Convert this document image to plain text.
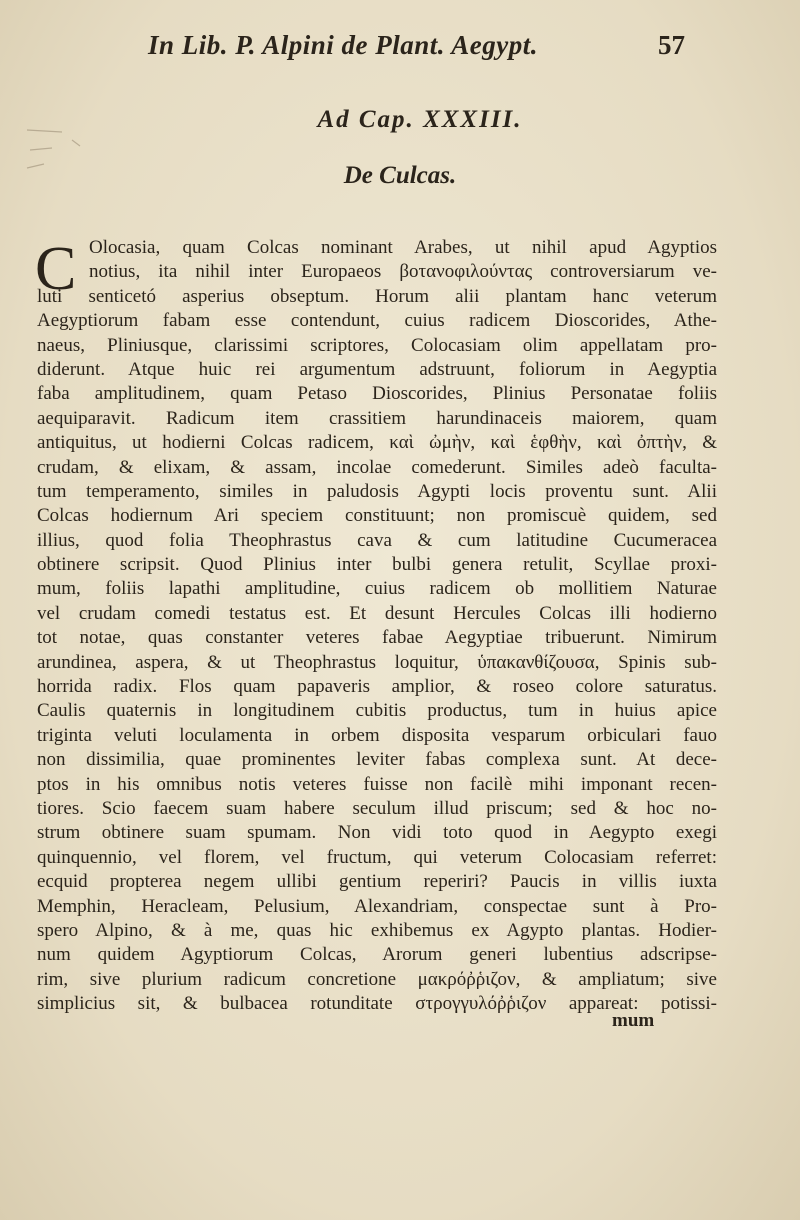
In Lib. P. Alpini de Plant. Aegypt.	57
Ad Cap. XXXIII.
De Culcas.
C Olocasia, quam Colcas nominant Arabes, ut nihil apud Agyptios
notius, ita nihil inter Europaeos βοτανοφιλούντας controversiarum ve-
luti senticetó asperius obseptum. Horum alii plantam hanc veterum
Aegyptiorum fabam esse contendunt, cuius radicem Dioscorides, Athe-
naeus, Pliniusque, clarissimi scriptores, Colocasiam olim appellatam pro-
diderunt. Atque huic rei argumentum adstruunt, foliorum in Aegyptia
faba amplitudinem, quam Petaso Dioscorides, Plinius Personatae foliis
aequiparavit. Radicum item crassitiem harundinaceis maiorem, quam
antiquitus, ut hodierni Colcas radicem, καὶ ὠμὴν, καὶ ἑφθὴν, καὶ ὀπτὴν, &
crudam, & elixam, & assam, incolae comederunt. Similes adeò faculta-
tum temperamento, similes in paludosis Agypti locis proventu sunt. Alii
Colcas hodiernum Ari speciem constituunt; non promiscuè quidem, sed
illius, quod folia Theophrastus cava & cum latitudine Cucumeracea
obtinere scripsit. Quod Plinius inter bulbi genera retulit, Scyllae proxi-
mum, foliis lapathi amplitudine, cuius radicem ob mollitiem Naturae
vel crudam comedi testatus est. Et desunt Hercules Colcas illi hodierno
tot notae, quas constanter veteres fabae Aegyptiae tribuerunt. Nimirum
arundinea, aspera, & ut Theophrastus loquitur, ὑπακανθίζουσα, Spinis sub-
horrida radix. Flos quam papaveris amplior, & roseo colore saturatus.
Caulis quaternis in longitudinem cubitis productus, tum in huius apice
triginta veluti loculamenta in orbem disposita vesparum orbiculari fauo
non dissimilia, quae prominentes leviter fabas complexa sunt. At dece-
ptos in his omnibus notis veteres fuisse non facilè mihi imponant recen-
tiores. Scio faecem suam habere seculum illud priscum; sed & hoc no-
strum obtinere suam spumam. Non vidi toto quod in Aegypto exegi
quinquennio, vel florem, vel fructum, qui veterum Colocasiam referret:
ecquid propterea negem ullibi gentium reperiri? Paucis in villis iuxta
Memphin, Heracleam, Pelusium, Alexandriam, conspectae sunt à Pro-
spero Alpino, & à me, quas hic exhibemus ex Agypto plantas. Hodier-
num quidem Agyptiorum Colcas, Arorum generi lubentius adscripse-
rim, sive plurium radicum concretione μακρόῤῥιζον, & ampliatum; sive
simplicius sit, & bulbacea rotunditate στρογγυλόῤῥιζον appareat: potissi-
mum
